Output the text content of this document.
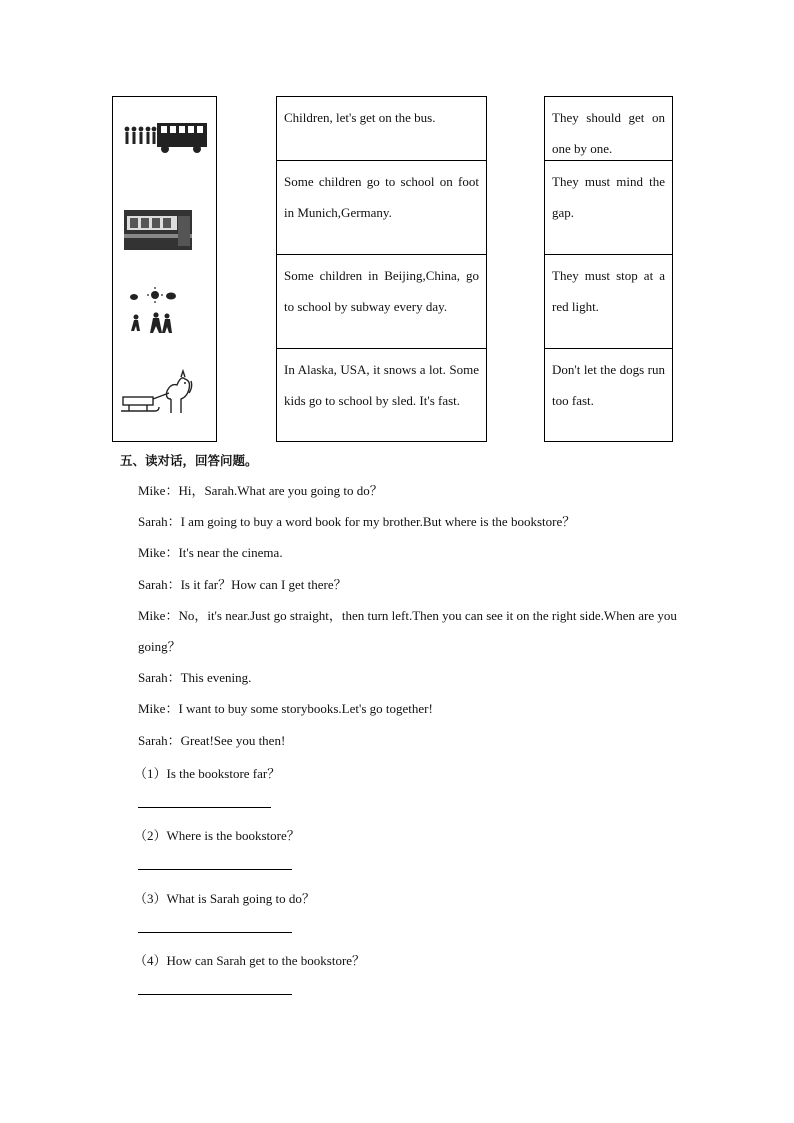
Children, let's get on the bus.

Some children go to school on foot in Munich,Germany.

Some children in Beijing,China, go to school by subway every day.

In Alaska, USA, it snows a lot. Some kids go to school by sled. It's fast.

They should get on one by one.

They must mind the gap.

They must stop at a red light.

Don't let the dogs run too fast.

五、读对话，回答问题。
Mike：Hi，Sarah.What are you going to do？
Sarah：I am going to buy a word book for my brother.But where is the bookstore？
Mike：It's near the cinema.
Sarah：Is it far？How can I get there？
Mike：No，it's near.Just go straight，then turn left.Then you can see it on the right side.When are you going？
Sarah：This evening.
Mike：I want to buy some storybooks.Let's go together!
Sarah：Great!See you then!
（1）Is the bookstore far？
（2）Where is the bookstore？
（3）What is Sarah going to do？
（4）How can Sarah get to the bookstore？
